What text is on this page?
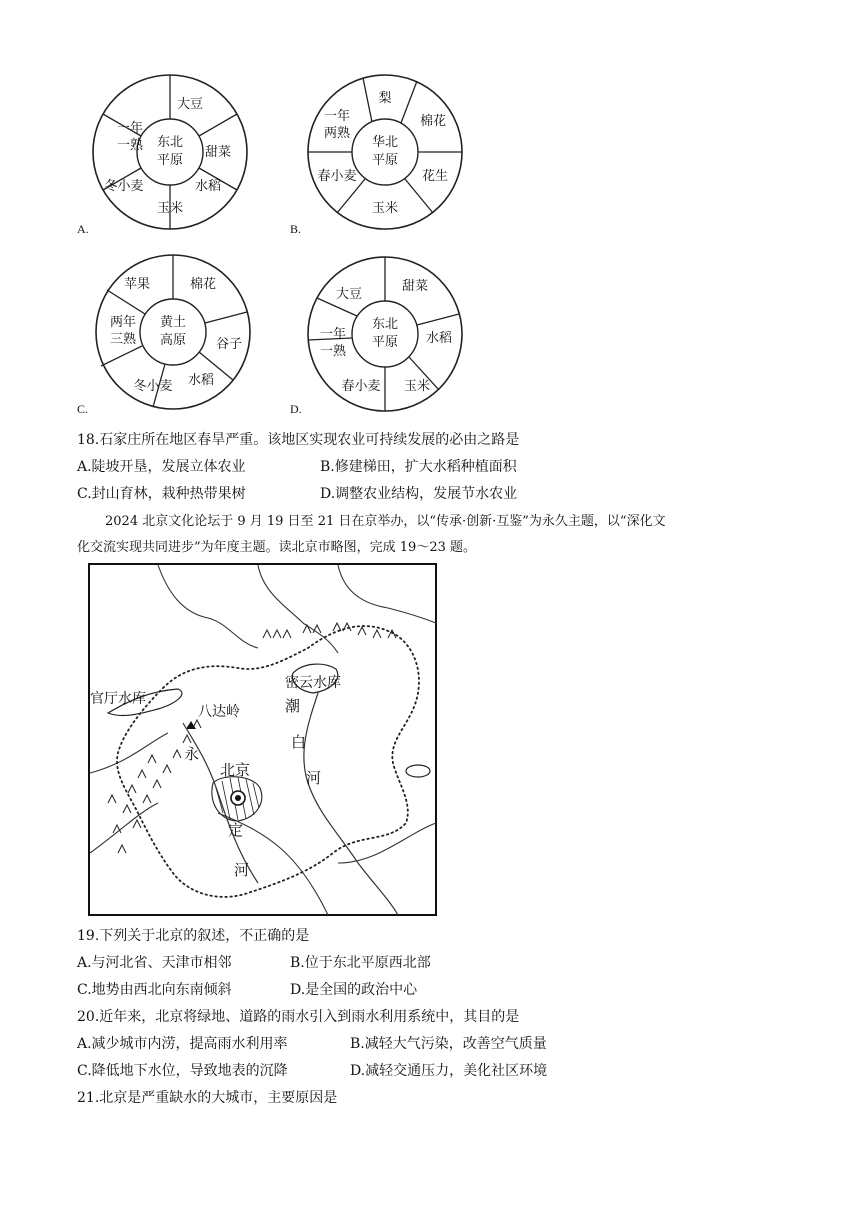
东北
平原
大豆
甜菜
水稻
玉米
冬小麦
一年一熟
A.
华北
平原
梨
棉花
花生
玉米
春小麦
一年两熟
B.
黄土
高原
棉花
谷子
水稻
冬小麦
两年三熟
苹果
C.
东北
平原
甜菜
水稻
玉米
春小麦
一年一熟
大豆
D.
18.石家庄所在地区春旱严重。该地区实现农业可持续发展的必由之路是
A.陡坡开垦，发展立体农业	B.修建梯田，扩大水稻种植面积
C.封山育林，栽种热带果树	D.调整农业结构，发展节水农业
2024 北京文化论坛于 9 月 19 日至 21 日在京举办，以“传承·创新·互鉴”为永久主题，以“深化文
化交流实现共同进步”为年度主题。读北京市略图，完成 19～23 题。
官厅水库
八达岭
密云水库
潮
白
河
永
北京
定
河
19.下列关于北京的叙述，不正确的是
A.与河北省、天津市相邻	B.位于东北平原西北部
C.地势由西北向东南倾斜	D.是全国的政治中心
20.近年来，北京将绿地、道路的雨水引入到雨水利用系统中，其目的是
A.减少城市内涝，提高雨水利用率	B.减轻大气污染，改善空气质量
C.降低地下水位，导致地表的沉降	D.减轻交通压力，美化社区环境
21.北京是严重缺水的大城市，主要原因是
